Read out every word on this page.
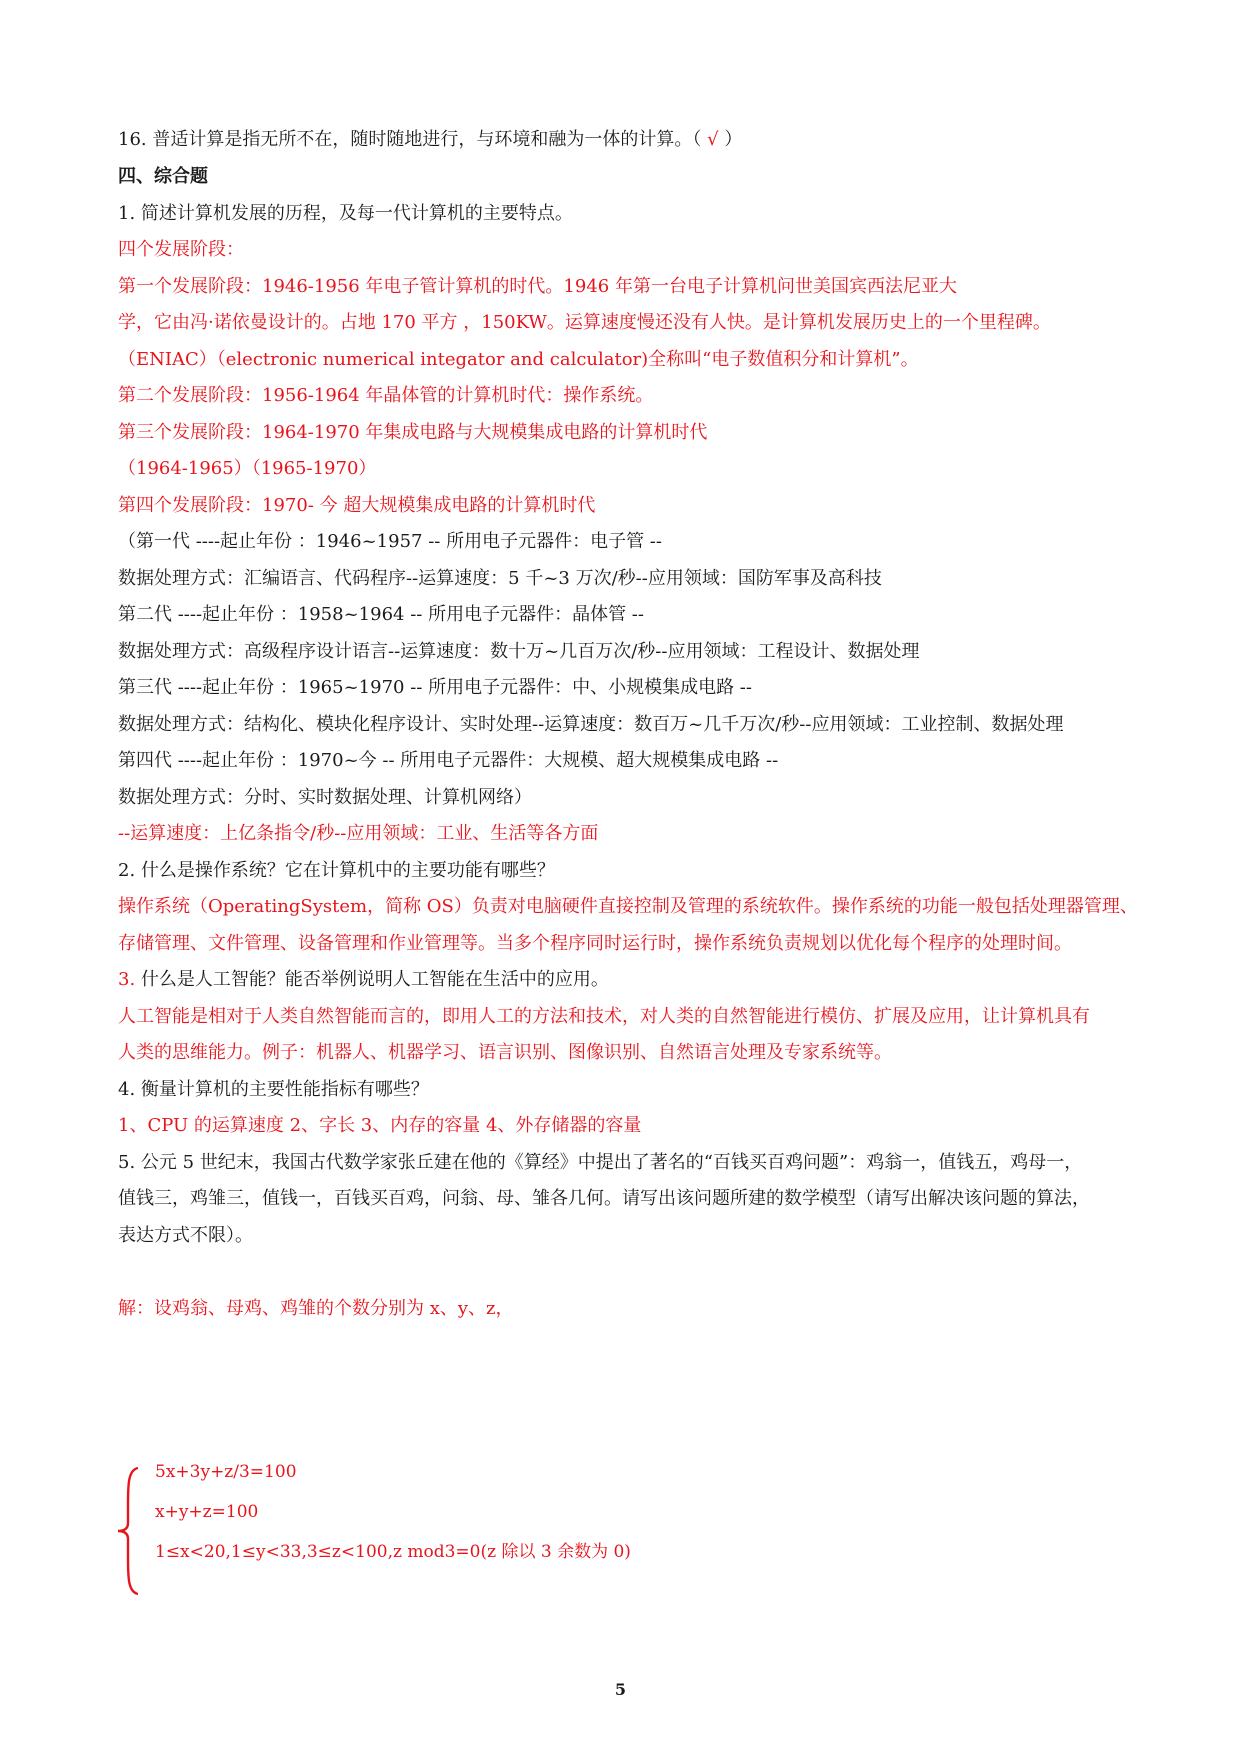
16. 普适计算是指无所不在，随时随地进行，与环境和融为一体的计算。（ √ ）
四、综合题
1. 简述计算机发展的历程，及每一代计算机的主要特点。
四个发展阶段：
第一个发展阶段：1946-1956 年电子管计算机的时代。1946 年第一台电子计算机问世美国宾西法尼亚大
学，它由冯·诺依曼设计的。占地 170 平方 ，150KW。运算速度慢还没有人快。是计算机发展历史上的一个里程碑。
（ENIAC）（electronic numerical integator and calculator)全称叫“电子数值积分和计算机”。
第二个发展阶段：1956-1964 年晶体管的计算机时代：操作系统。
第三个发展阶段：1964-1970 年集成电路与大规模集成电路的计算机时代
（1964-1965）（1965-1970）
第四个发展阶段：1970- 今 超大规模集成电路的计算机时代
（第一代 ----起止年份 ：1946~1957 -- 所用电子元器件：电子管 --
数据处理方式：汇编语言、代码程序--运算速度：5 千~3 万次/秒--应用领域：国防军事及高科技
第二代 ----起止年份 ：1958~1964 -- 所用电子元器件：晶体管 --
数据处理方式：高级程序设计语言--运算速度：数十万~几百万次/秒--应用领域：工程设计、数据处理
第三代 ----起止年份 ：1965~1970 -- 所用电子元器件：中、小规模集成电路 --
数据处理方式：结构化、模块化程序设计、实时处理--运算速度：数百万~几千万次/秒--应用领域：工业控制、数据处理
第四代 ----起止年份 ：1970~今 -- 所用电子元器件：大规模、超大规模集成电路 --
数据处理方式：分时、实时数据处理、计算机网络）
--运算速度：上亿条指令/秒--应用领域：工业、生活等各方面
2. 什么是操作系统？它在计算机中的主要功能有哪些？
操作系统（OperatingSystem，简称 OS）负责对电脑硬件直接控制及管理的系统软件。操作系统的功能一般包括处理器管理、
存储管理、文件管理、设备管理和作业管理等。当多个程序同时运行时，操作系统负责规划以优化每个程序的处理时间。
3. 什么是人工智能？能否举例说明人工智能在生活中的应用。
人工智能是相对于人类自然智能而言的，即用人工的方法和技术，对人类的自然智能进行模仿、扩展及应用，让计算机具有
人类的思维能力。例子：机器人、机器学习、语言识别、图像识别、自然语言处理及专家系统等。
4. 衡量计算机的主要性能指标有哪些？
1、CPU 的运算速度 2、字长 3、内存的容量 4、外存储器的容量
5. 公元 5 世纪末，我国古代数学家张丘建在他的《算经》中提出了著名的“百钱买百鸡问题”：鸡翁一，值钱五，鸡母一，
值钱三，鸡雏三，值钱一，百钱买百鸡，问翁、母、雏各几何。请写出该问题所建的数学模型（请写出解决该问题的算法，
表达方式不限）。
解：设鸡翁、母鸡、鸡雏的个数分别为 x、y、z，
5x+3y+z/3=100
x+y+z=100
1≤x<20,1≤y<33,3≤z<100,z mod3=0(z 除以 3 余数为 0)
5
